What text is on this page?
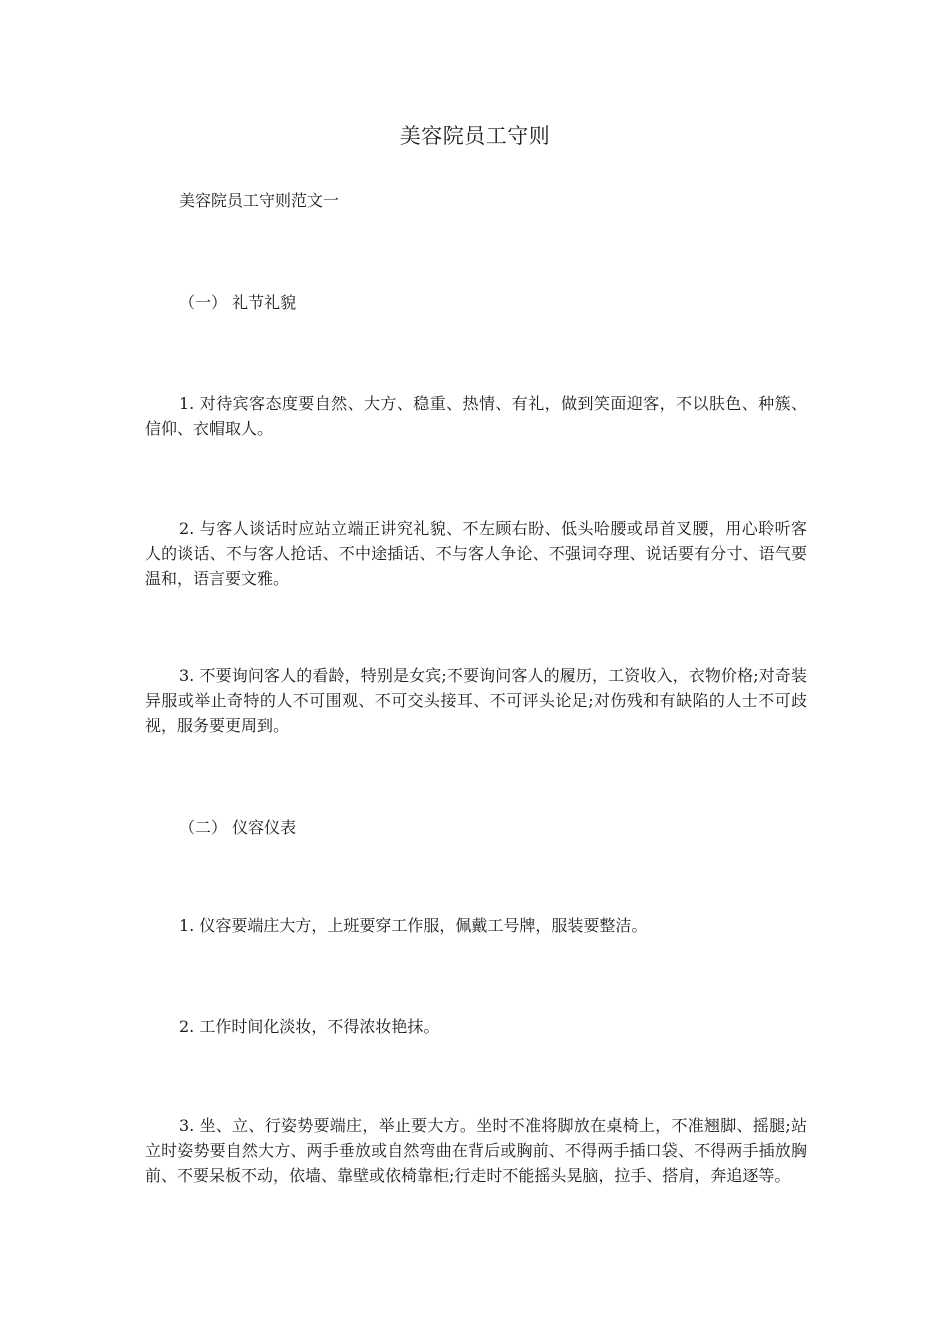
美容院员工守则
美容院员工守则范文一
（一） 礼节礼貌
1. 对待宾客态度要自然、大方、稳重、热情、有礼，做到笑面迎客，不以肤色、种簇、信仰、衣帽取人。
2. 与客人谈话时应站立端正讲究礼貌、不左顾右盼、低头哈腰或昂首叉腰，用心聆听客人的谈话、不与客人抢话、不中途插话、不与客人争论、不强词夺理、说话要有分寸、语气要温和，语言要文雅。
3. 不要询问客人的看龄，特别是女宾;不要询问客人的履历，工资收入，衣物价格;对奇装异服或举止奇特的人不可围观、不可交头接耳、不可评头论足;对伤残和有缺陷的人士不可歧视，服务要更周到。
（二） 仪容仪表
1. 仪容要端庄大方，上班要穿工作服，佩戴工号牌，服装要整洁。
2. 工作时间化淡妆，不得浓妆艳抹。
3. 坐、立、行姿势要端庄，举止要大方。坐时不准将脚放在桌椅上，不准翘脚、摇腿;站立时姿势要自然大方、两手垂放或自然弯曲在背后或胸前、不得两手插口袋、不得两手插放胸前、不要呆板不动，依墙、靠壁或依椅靠柜;行走时不能摇头晃脑，拉手、搭肩，奔追逐等。
